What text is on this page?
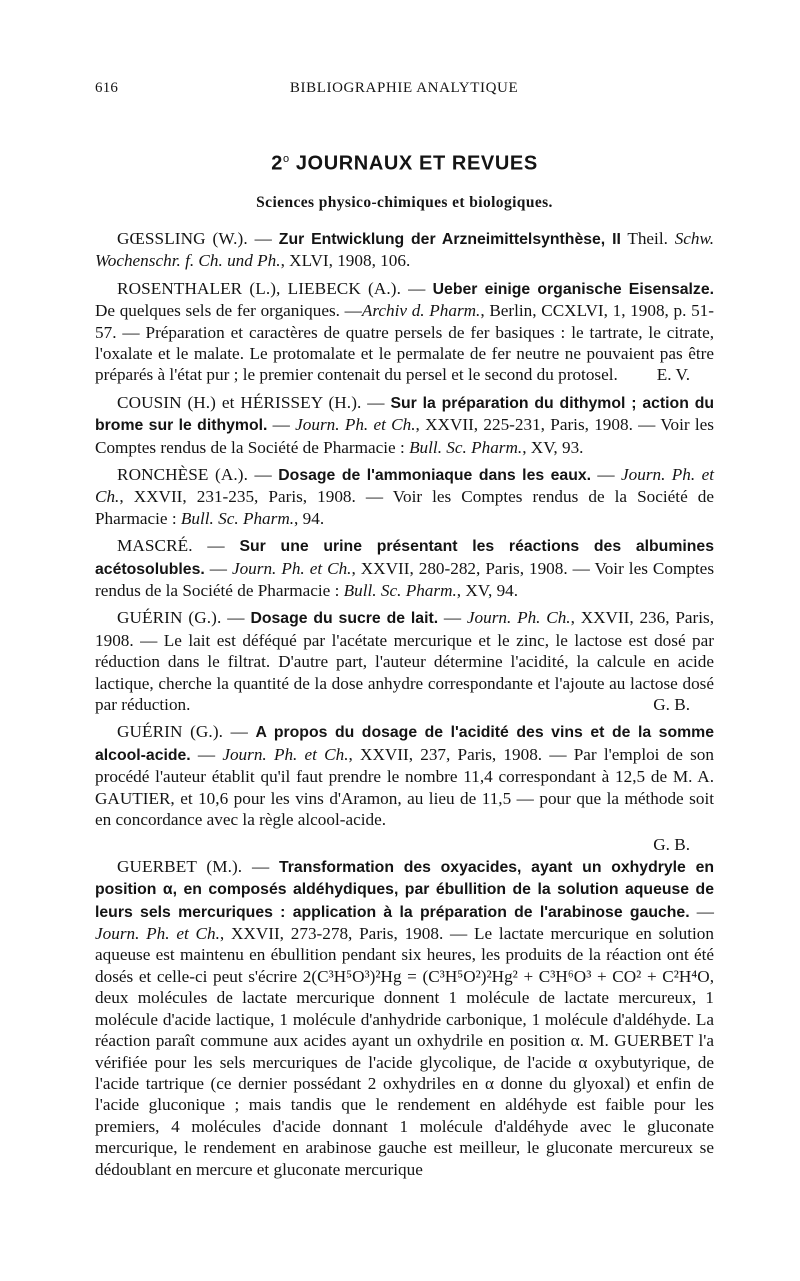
616	BIBLIOGRAPHIE ANALYTIQUE
2$^o$ JOURNAUX ET REVUES
Sciences physico-chimiques et biologiques.

GŒSSLING (W.). — Zur Entwicklung der Arzneimittelsynthèse, II Theil. Schw. Wochenschr. f. Ch. und Ph., XLVI, 1908, 106.

ROSENTHALER (L.), LIEBECK (A.). — Ueber einige organische Eisensalze. De quelques sels de fer organiques. —Archiv d. Pharm., Berlin, CCXLVI, 1, 1908, p. 51-57. — Préparation et caractères de quatre persels de fer basiques : le tartrate, le citrate, l'oxalate et le malate. Le protomalate et le permalate de fer neutre ne pouvaient pas être préparés à l'état pur ; le premier contenait du persel et le second du protosel.	E. V.

COUSIN (H.) et HÉRISSEY (H.). — Sur la préparation du dithymol ; action du brome sur le dithymol. — Journ. Ph. et Ch., XXVII, 225-231, Paris, 1908. — Voir les Comptes rendus de la Société de Pharmacie : Bull. Sc. Pharm., XV, 93.

RONCHÈSE (A.). — Dosage de l'ammoniaque dans les eaux. — Journ. Ph. et Ch., XXVII, 231-235, Paris, 1908. — Voir les Comptes rendus de la Société de Pharmacie : Bull. Sc. Pharm., 94.

MASCRÉ. — Sur une urine présentant les réactions des albumines acétosolubles. — Journ. Ph. et Ch., XXVII, 280-282, Paris, 1908. — Voir les Comptes rendus de la Société de Pharmacie : Bull. Sc. Pharm., XV, 94.

GUÉRIN (G.). — Dosage du sucre de lait. — Journ. Ph. Ch., XXVII, 236, Paris, 1908. — Le lait est déféqué par l'acétate mercurique et le zinc, le lactose est dosé par réduction dans le filtrat. D'autre part, l'auteur détermine l'acidité, la calcule en acide lactique, cherche la quantité de la dose anhydre correspondante et l'ajoute au lactose dosé par réduction.	G. B.

GUÉRIN (G.). — A propos du dosage de l'acidité des vins et de la somme alcool-acide. — Journ. Ph. et Ch., XXVII, 237, Paris, 1908. — Par l'emploi de son procédé l'auteur établit qu'il faut prendre le nombre 11,4 correspondant à 12,5 de M. A. GAUTIER, et 10,6 pour les vins d'Aramon, au lieu de 11,5 — pour que la méthode soit en concordance avec la règle alcool-acide.

G. B.

GUERBET (M.). — Transformation des oxyacides, ayant un oxhydryle en position α, en composés aldéhydiques, par ébullition de la solution aqueuse de leurs sels mercuriques : application à la préparation de l'arabinose gauche. — Journ. Ph. et Ch., XXVII, 273-278, Paris, 1908. — Le lactate mercurique en solution aqueuse est maintenu en ébullition pendant six heures, les produits de la réaction ont été dosés et celle-ci peut s'écrire 2(C³H⁵O³)²Hg = (C³H⁵O²)²Hg² + C³H⁶O³ + CO² + C²H⁴O, deux molécules de lactate mercurique donnent 1 molécule de lactate mercureux, 1 molécule d'acide lactique, 1 molécule d'anhydride carbonique, 1 molécule d'aldéhyde. La réaction paraît commune aux acides ayant un oxhydrile en position α. M. GUERBET l'a vérifiée pour les sels mercuriques de l'acide glycolique, de l'acide α oxybutyrique, de l'acide tartrique (ce dernier possédant 2 oxhydriles en α donne du glyoxal) et enfin de l'acide gluconique ; mais tandis que le rendement en aldéhyde est faible pour les premiers, 4 molécules d'acide donnant 1 molécule d'aldéhyde avec le gluconate mercurique, le rendement en arabinose gauche est meilleur, le gluconate mercureux se dédoublant en mercure et gluconate mercurique
